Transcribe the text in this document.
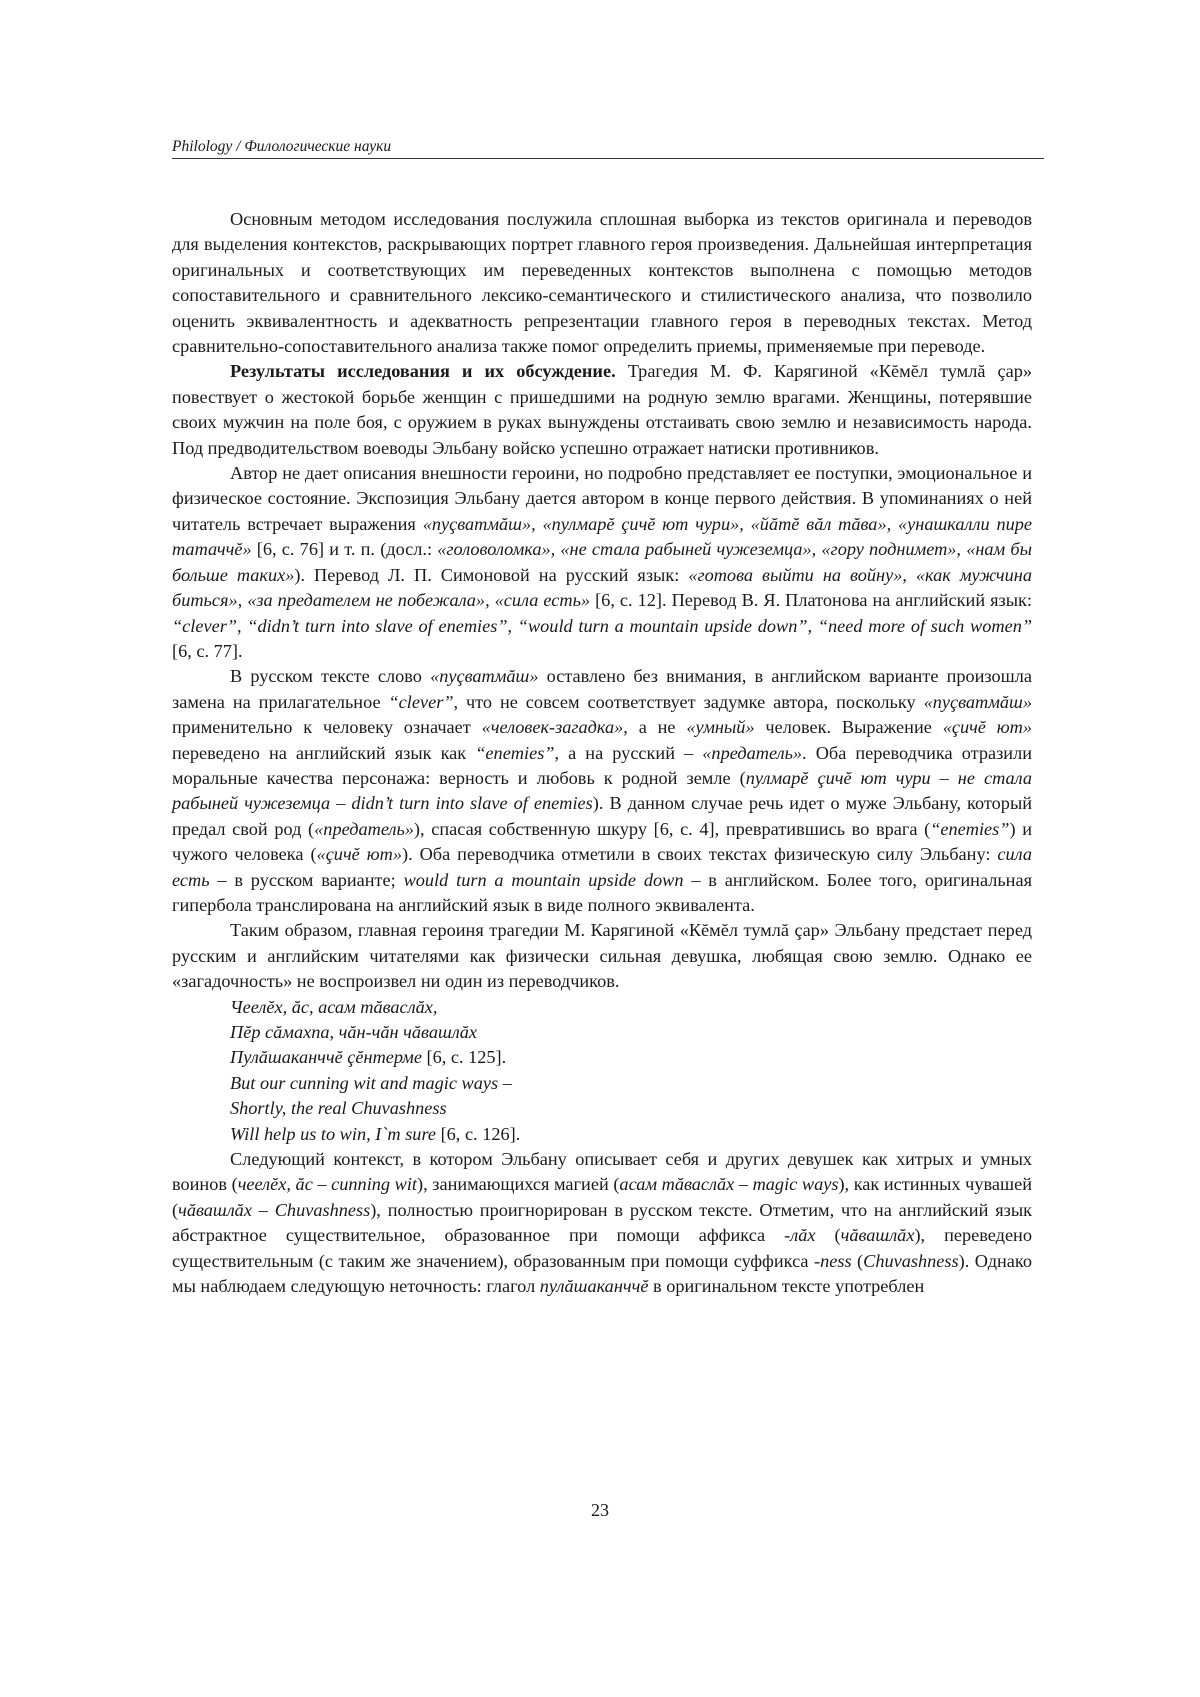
Philology / Филологические науки

Основным методом исследования послужила сплошная выборка из текстов оригинала и переводов для выделения контекстов, раскрывающих портрет главного героя произведения. Дальнейшая интерпретация оригинальных и соответствующих им переведенных контекстов выполнена с помощью методов сопоставительного и сравнительного лексико-семантического и стилистического анализа, что позволило оценить эквивалентность и адекватность репрезентации главного героя в переводных текстах. Метод сравнительно-сопоставительного анализа также помог определить приемы, применяемые при переводе.

Результаты исследования и их обсуждение. Трагедия М. Ф. Карягиной «Кĕмĕл тумлă çар» повествует о жестокой борьбе женщин с пришедшими на родную землю врагами. Женщины, потерявшие своих мужчин на поле боя, с оружием в руках вынуждены отстаивать свою землю и независимость народа. Под предводительством воеводы Эльбану войско успешно отражает натиски противников.

Автор не дает описания внешности героини, но подробно представляет ее поступки, эмоциональное и физическое состояние. Экспозиция Эльбану дается автором в конце первого действия. В упоминаниях о ней читатель встречает выражения «пуçватмăш», «пулмарĕ çичĕ ют чури», «йăтĕ вăл тăва», «унашкалли пире татаччĕ» [6, с. 76] и т. п. (досл.: «головоломка», «не стала рабыней чужеземца», «гору поднимет», «нам бы больше таких»). Перевод Л. П. Симоновой на русский язык: «готова выйти на войну», «как мужчина биться», «за предателем не побежала», «сила есть» [6, с. 12]. Перевод В. Я. Платонова на английский язык: “clever”, “didn’t turn into slave of enemies”, “would turn a mountain upside down”, “need more of such women” [6, с. 77].

В русском тексте слово «пуçватмăш» оставлено без внимания, в английском варианте произошла замена на прилагательное “clever”, что не совсем соответствует задумке автора, поскольку «пуçватмăш» применительно к человеку означает «человек-загадка», а не «умный» человек. Выражение «çичĕ ют» переведено на английский язык как “enemies”, а на русский – «предатель». Оба переводчика отразили моральные качества персонажа: верность и любовь к родной земле (пулмарĕ çичĕ ют чури – не стала рабыней чужеземца – didn’t turn into slave of enemies). В данном случае речь идет о муже Эльбану, который предал свой род («предатель»), спасая собственную шкуру [6, с. 4], превратившись во врага (“enemies”) и чужого человека («çичĕ ют»). Оба переводчика отметили в своих текстах физическую силу Эльбану: сила есть – в русском варианте; would turn a mountain upside down – в английском. Более того, оригинальная гипербола транслирована на английский язык в виде полного эквивалента.

Таким образом, главная героиня трагедии М. Карягиной «Кĕмĕл тумлă çар» Эльбану предстает перед русским и английским читателями как физически сильная девушка, любящая свою землю. Однако ее «загадочность» не воспроизвел ни один из переводчиков.

Чеелĕх, ăс, асам тăваслăх,
Пĕр сăмахпа, чăн-чăн чăвашлăх
Пулăшаканччĕ çĕнтерме [6, с. 125].
But our cunning wit and magic ways –
Shortly, the real Chuvashness
Will help us to win, I`m sure [6, с. 126].

Следующий контекст, в котором Эльбану описывает себя и других девушек как хитрых и умных воинов (чеелĕх, ăс – cunning wit), занимающихся магией (асам тăваслăх – magic ways), как истинных чувашей (чăвашлăх – Chuvashness), полностью проигнорирован в русском тексте. Отметим, что на английский язык абстрактное существительное, образованное при помощи аффикса -лăх (чăвашлăх), переведено существительным (с таким же значением), образованным при помощи суффикса -ness (Chuvashness). Однако мы наблюдаем следующую неточность: глагол пулăшаканччĕ в оригинальном тексте употреблен

23
